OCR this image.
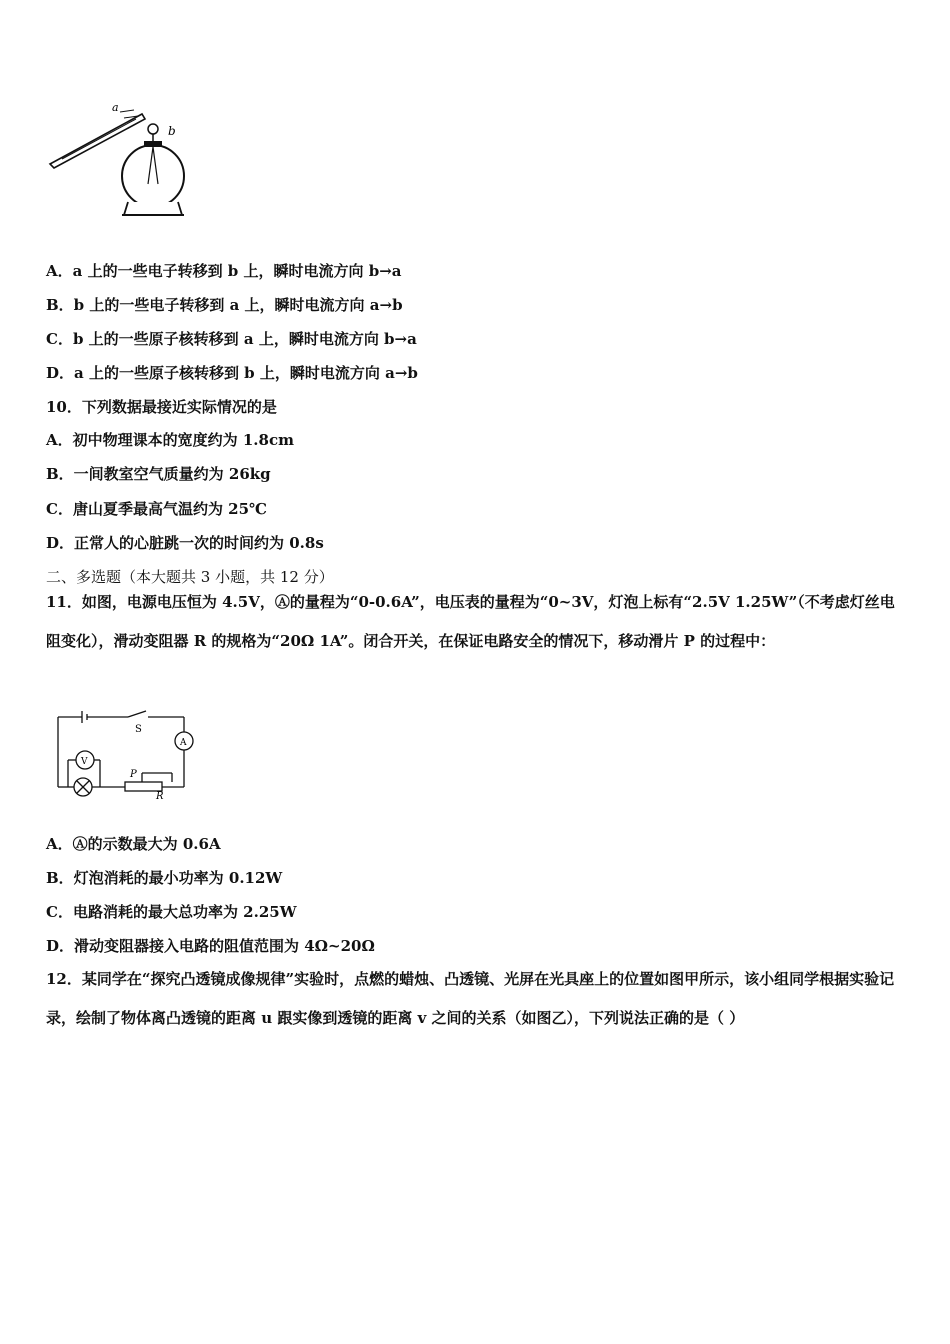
a
b
A．a 上的一些电子转移到 b 上，瞬时电流方向 b→a
B．b 上的一些电子转移到 a 上，瞬时电流方向 a→b
C．b 上的一些原子核转移到 a 上，瞬时电流方向 b→a
D．a 上的一些原子核转移到 b 上，瞬时电流方向 a→b
10．下列数据最接近实际情况的是
A．初中物理课本的宽度约为 1.8cm
B．一间教室空气质量约为 26kg
C．唐山夏季最高气温约为 25℃
D．正常人的心脏跳一次的时间约为 0.8s
二、多选题（本大题共 3 小题，共 12 分）
11．如图，电源电压恒为 4.5V，Ⓐ的量程为“0-0.6A”，电压表的量程为“0~3V，灯泡上标有“2.5V 1.25W”（不考虑灯丝电阻变化），滑动变阻器 R 的规格为“20Ω 1A”。闭合开关，在保证电路安全的情况下，移动滑片 P 的过程中：
S
A
V
P
R
A．Ⓐ的示数最大为 0.6A
B．灯泡消耗的最小功率为 0.12W
C．电路消耗的最大总功率为 2.25W
D．滑动变阻器接入电路的阻值范围为 4Ω~20Ω
12．某同学在“探究凸透镜成像规律”实验时，点燃的蜡烛、凸透镜、光屏在光具座上的位置如图甲所示，该小组同学根据实验记录，绘制了物体离凸透镜的距离 u 跟实像到透镜的距离 v 之间的关系（如图乙），下列说法正确的是（ ）
